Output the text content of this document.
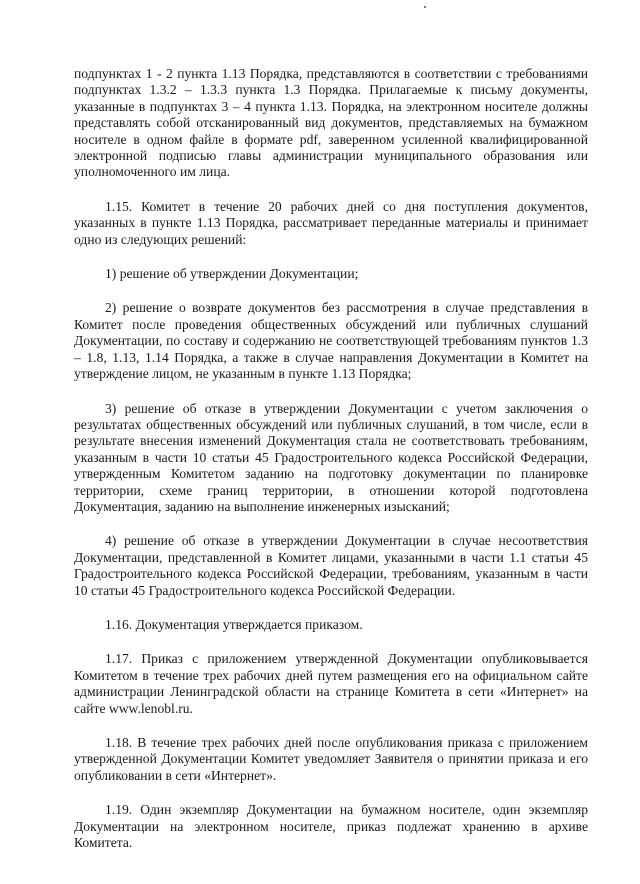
подпунктах 1 - 2 пункта 1.13 Порядка, представляются в соответствии с требованиями подпунктах 1.3.2 – 1.3.3 пункта 1.3 Порядка. Прилагаемые к письму документы, указанные в подпунктах 3 – 4 пункта 1.13. Порядка, на электронном носителе должны представлять собой отсканированный вид документов, представляемых на бумажном носителе в одном файле в формате pdf, заверенном усиленной квалифицированной электронной подписью главы администрации муниципального образования или уполномоченного им лица.

1.15. Комитет в течение 20 рабочих дней со дня поступления документов, указанных в пункте 1.13 Порядка, рассматривает переданные материалы и принимает одно из следующих решений:

1) решение об утверждении Документации;

2) решение о возврате документов без рассмотрения в случае представления в Комитет после проведения общественных обсуждений или публичных слушаний Документации, по составу и содержанию не соответствующей требованиям пунктов 1.3 – 1.8, 1.13, 1.14 Порядка, а также в случае направления Документации в Комитет на утверждение лицом, не указанным в пункте 1.13 Порядка;

3) решение об отказе в утверждении Документации с учетом заключения о результатах общественных обсуждений или публичных слушаний, в том числе, если в результате внесения изменений Документация стала не соответствовать требованиям, указанным в части 10 статьи 45 Градостроительного кодекса Российской Федерации, утвержденным Комитетом заданию на подготовку документации по планировке территории, схеме границ территории, в отношении которой подготовлена Документация, заданию на выполнение инженерных изысканий;

4) решение об отказе в утверждении Документации в случае несоответствия Документации, представленной в Комитет лицами, указанными в части 1.1 статьи 45 Градостроительного кодекса Российской Федерации, требованиям, указанным в части 10 статьи 45 Градостроительного кодекса Российской Федерации.

1.16. Документация утверждается приказом.

1.17. Приказ с приложением утвержденной Документации опубликовывается Комитетом в течение трех рабочих дней путем размещения его на официальном сайте администрации Ленинградской области на странице Комитета в сети «Интернет» на сайте www.lenobl.ru.

1.18. В течение трех рабочих дней после опубликования приказа с приложением утвержденной Документации Комитет уведомляет Заявителя о принятии приказа и его опубликовании в сети «Интернет».

1.19. Один экземпляр Документации на бумажном носителе, один экземпляр Документации на электронном носителе, приказ подлежат хранению в архиве Комитета.
